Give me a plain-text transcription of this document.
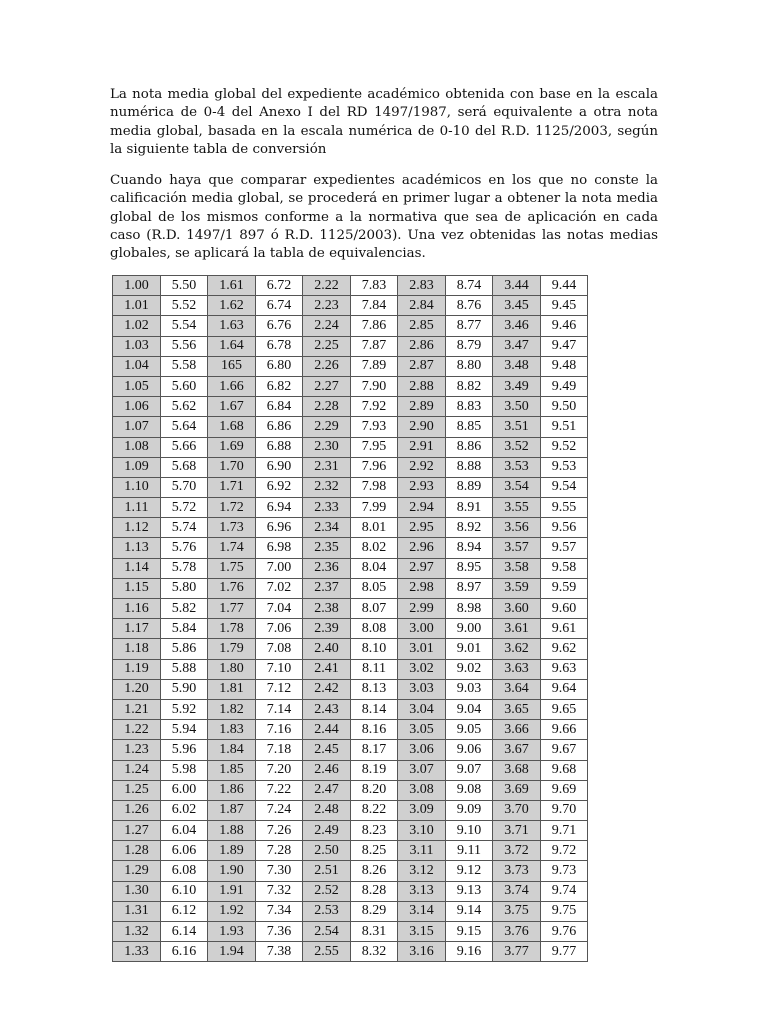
La nota media global del expediente académico obtenida con base en la escala numérica de 0-4 del Anexo I del RD 1497/1987, será equivalente a otra nota media global, basada en la escala numérica de 0-10 del R.D. 1125/2003, según la siguiente tabla de conversión

Cuando haya que comparar expedientes académicos en los que no conste la calificación media global, se procederá en primer lugar a obtener la nota media global de los mismos conforme a la normativa que sea de aplicación en cada caso (R.D. 1497/1 897 ó R.D. 1125/2003). Una vez obtenidas las notas medias globales, se aplicará la tabla de equivalencias.

1.00	5.50	1.61	6.72	2.22	7.83	2.83	8.74	3.44	9.44
1.01	5.52	1.62	6.74	2.23	7.84	2.84	8.76	3.45	9.45
1.02	5.54	1.63	6.76	2.24	7.86	2.85	8.77	3.46	9.46
1.03	5.56	1.64	6.78	2.25	7.87	2.86	8.79	3.47	9.47
1.04	5.58	165	6.80	2.26	7.89	2.87	8.80	3.48	9.48
1.05	5.60	1.66	6.82	2.27	7.90	2.88	8.82	3.49	9.49
1.06	5.62	1.67	6.84	2.28	7.92	2.89	8.83	3.50	9.50
1.07	5.64	1.68	6.86	2.29	7.93	2.90	8.85	3.51	9.51
1.08	5.66	1.69	6.88	2.30	7.95	2.91	8.86	3.52	9.52
1.09	5.68	1.70	6.90	2.31	7.96	2.92	8.88	3.53	9.53
1.10	5.70	1.71	6.92	2.32	7.98	2.93	8.89	3.54	9.54
1.11	5.72	1.72	6.94	2.33	7.99	2.94	8.91	3.55	9.55
1.12	5.74	1.73	6.96	2.34	8.01	2.95	8.92	3.56	9.56
1.13	5.76	1.74	6.98	2.35	8.02	2.96	8.94	3.57	9.57
1.14	5.78	1.75	7.00	2.36	8.04	2.97	8.95	3.58	9.58
1.15	5.80	1.76	7.02	2.37	8.05	2.98	8.97	3.59	9.59
1.16	5.82	1.77	7.04	2.38	8.07	2.99	8.98	3.60	9.60
1.17	5.84	1.78	7.06	2.39	8.08	3.00	9.00	3.61	9.61
1.18	5.86	1.79	7.08	2.40	8.10	3.01	9.01	3.62	9.62
1.19	5.88	1.80	7.10	2.41	8.11	3.02	9.02	3.63	9.63
1.20	5.90	1.81	7.12	2.42	8.13	3.03	9.03	3.64	9.64
1.21	5.92	1.82	7.14	2.43	8.14	3.04	9.04	3.65	9.65
1.22	5.94	1.83	7.16	2.44	8.16	3.05	9.05	3.66	9.66
1.23	5.96	1.84	7.18	2.45	8.17	3.06	9.06	3.67	9.67
1.24	5.98	1.85	7.20	2.46	8.19	3.07	9.07	3.68	9.68
1.25	6.00	1.86	7.22	2.47	8.20	3.08	9.08	3.69	9.69
1.26	6.02	1.87	7.24	2.48	8.22	3.09	9.09	3.70	9.70
1.27	6.04	1.88	7.26	2.49	8.23	3.10	9.10	3.71	9.71
1.28	6.06	1.89	7.28	2.50	8.25	3.11	9.11	3.72	9.72
1.29	6.08	1.90	7.30	2.51	8.26	3.12	9.12	3.73	9.73
1.30	6.10	1.91	7.32	2.52	8.28	3.13	9.13	3.74	9.74
1.31	6.12	1.92	7.34	2.53	8.29	3.14	9.14	3.75	9.75
1.32	6.14	1.93	7.36	2.54	8.31	3.15	9.15	3.76	9.76
1.33	6.16	1.94	7.38	2.55	8.32	3.16	9.16	3.77	9.77
